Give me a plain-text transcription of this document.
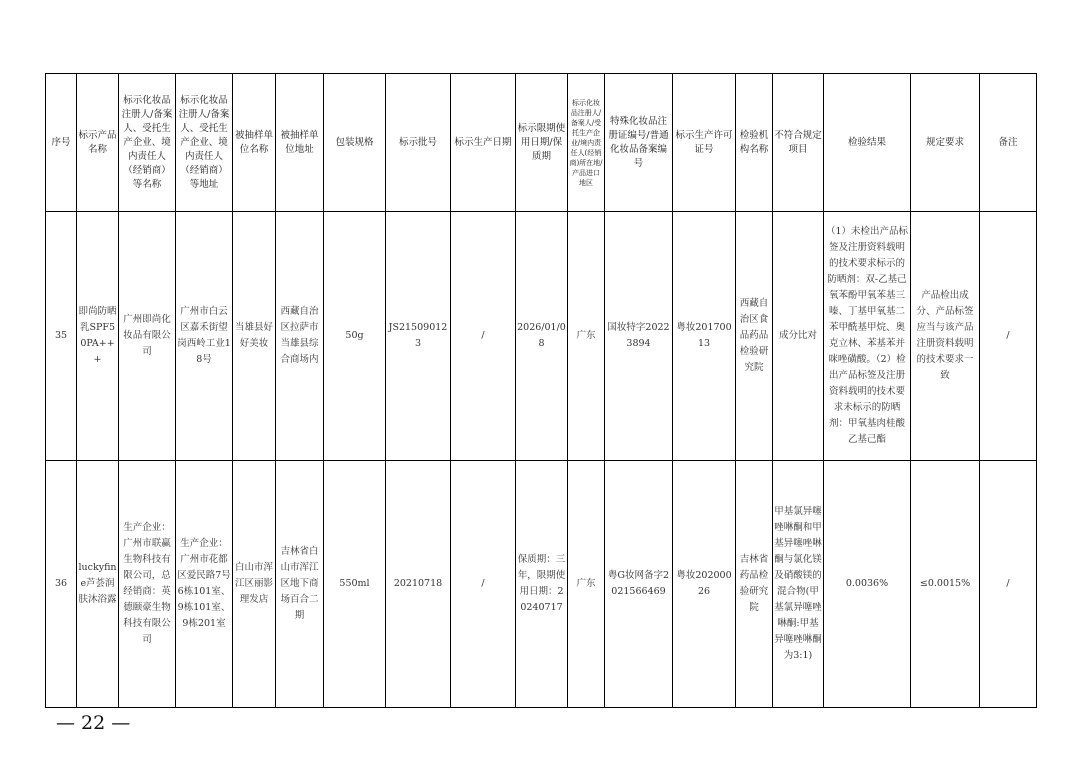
序号	标示产品名称	标示化妆品注册人/备案人、受托生产企业、境内责任人（经销商）等名称	标示化妆品注册人/备案人、受托生产企业、境内责任人（经销商）等地址	被抽样单位名称	被抽样单位地址	包装规格	标示批号	标示生产日期	标示限期使用日期/保质期	标示化妆品注册人/备案人/受托生产企业/境内责任人(经销商)所在地/产品进口地区	特殊化妆品注册证编号/普通化妆品备案编号	标示生产许可证号	检验机构名称	不符合规定项目	检验结果	规定要求	备注
35	即尚防晒乳SPF50PA+++	广州即尚化妆品有限公司	广州市白云区嘉禾街望岗西岭工业18号	当雄县好好美妆	西藏自治区拉萨市当雄县综合商场内	50g	JS215090123	/	2026/01/08	广东	国妆特字20223894	粤妆20170013	西藏自治区食品药品检验研究院	成分比对	（1）未检出产品标签及注册资料载明的技术要求标示的防晒剂：双-乙基己氧苯酚甲氧苯基三嗪、丁基甲氧基二苯甲酰基甲烷、奥克立林、苯基苯并咪唑磺酸。（2）检出产品标签及注册资料载明的技术要求未标示的防晒剂：甲氧基肉桂酸乙基己酯	产品检出成分、产品标签应当与该产品注册资料载明的技术要求一致	/
36	luckyfine芦荟润肤沐浴露	生产企业：广州市联赢生物科技有限公司，总经销商：英德颐豪生物科技有限公司	生产企业：广州市花都区爱民路7号6栋101室、9栋101室、9栋201室	白山市浑江区丽影理发店	吉林省白山市浑江区地下商场百合二期	550ml	20210718	/	保质期：三年，限期使用日期：20240717	广东	粤G妆网备字2021566469	粤妆20200026	吉林省药品检验研究院	甲基氯异噻唑啉酮和甲基异噻唑啉酮与氯化镁及硝酸镁的混合物(甲基氯异噻唑啉酮:甲基异噻唑啉酮为3:1)	0.0036%	≤0.0015%	/
— 22 —
